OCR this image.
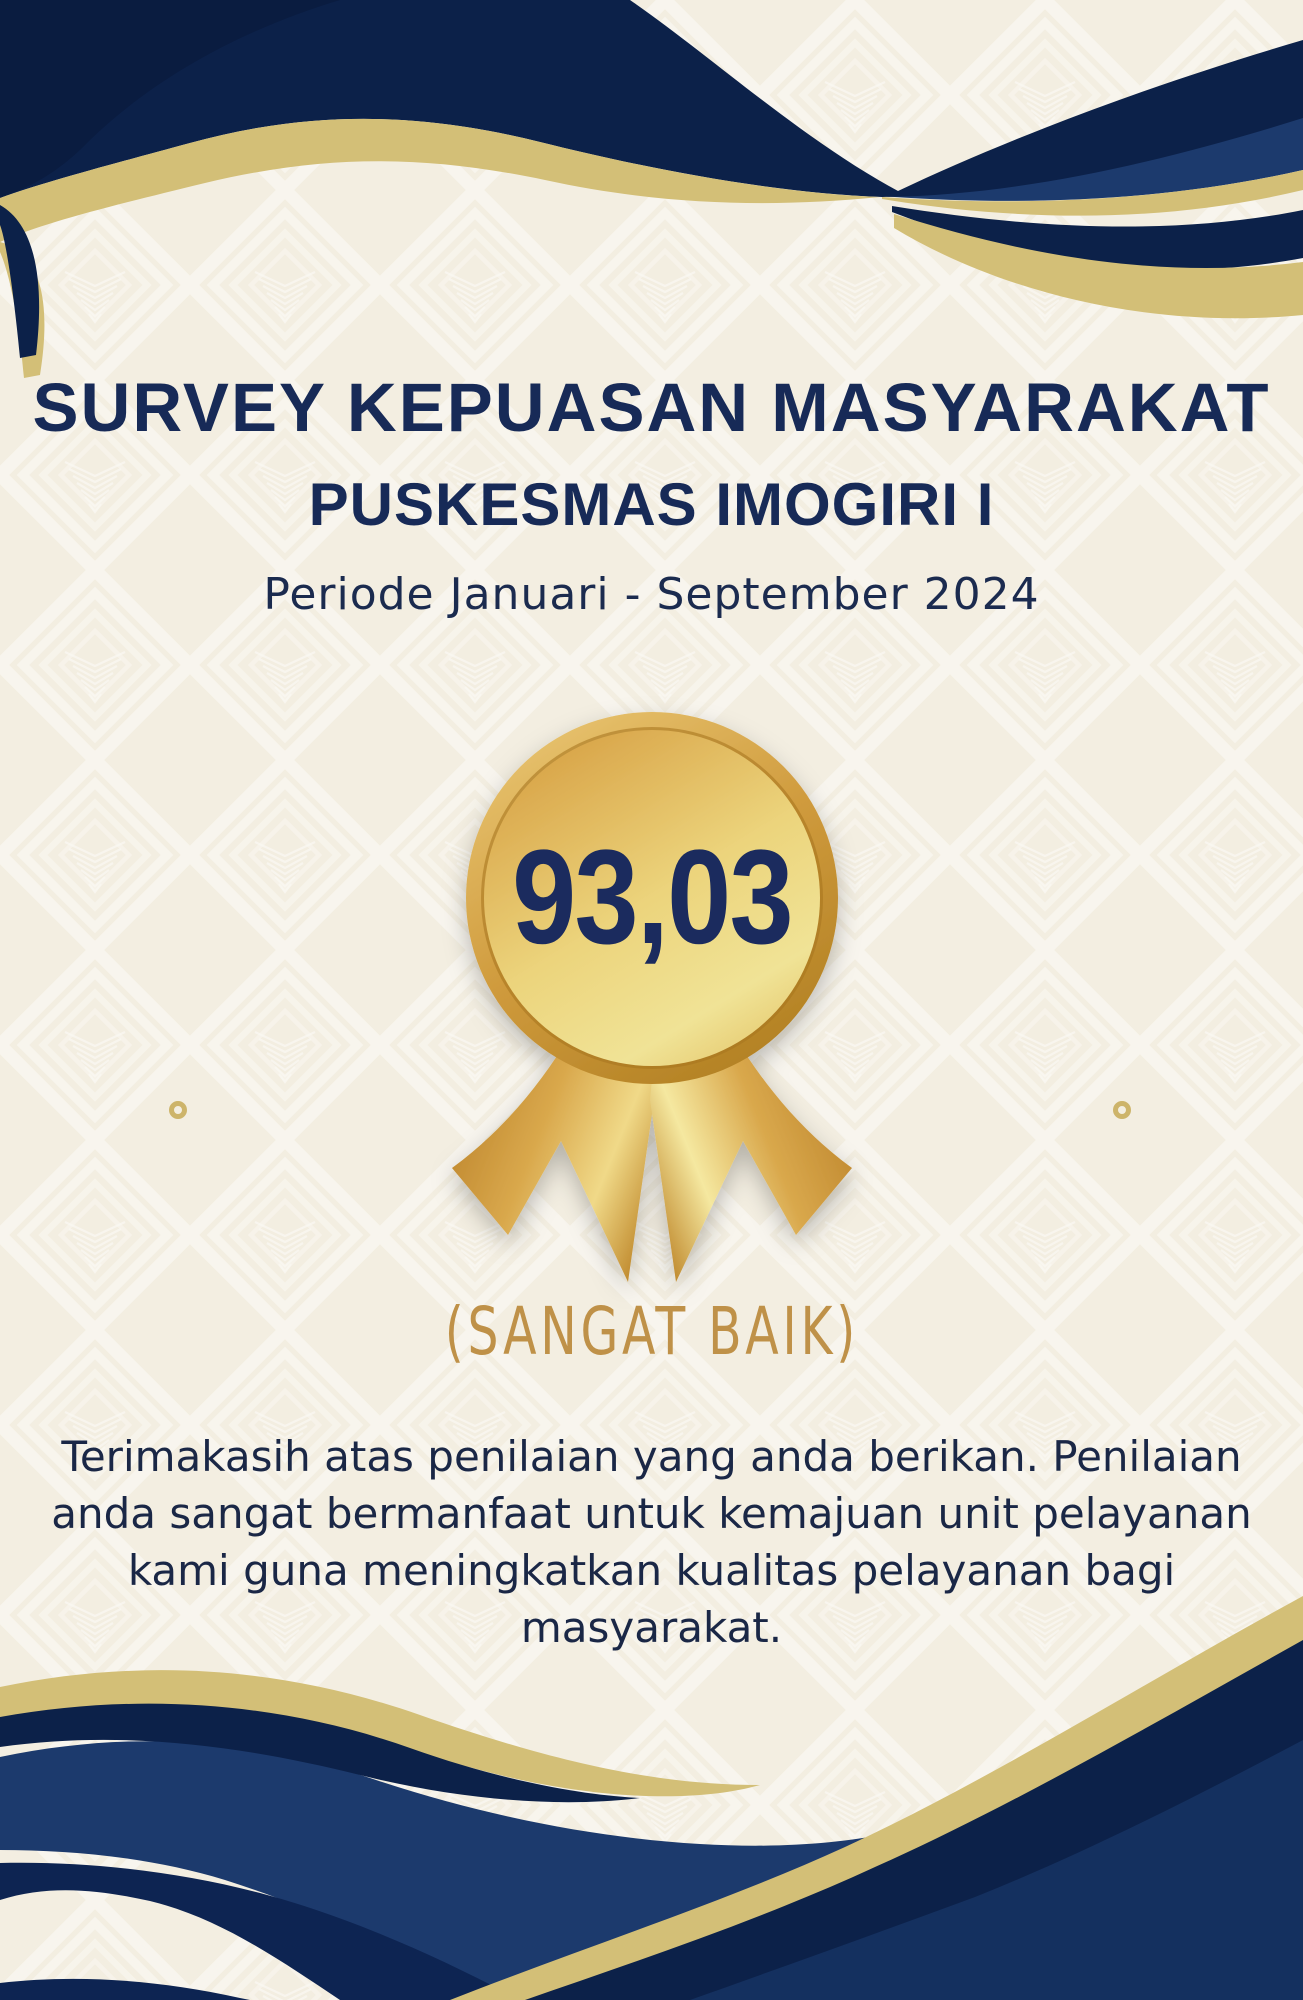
SURVEY KEPUASAN MASYARAKAT
PUSKESMAS IMOGIRI I
Periode Januari - September 2024
93,03
(SANGAT BAIK)

Terimakasih atas penilaian yang anda berikan. Penilaian
anda sangat bermanfaat untuk kemajuan unit pelayanan
kami guna meningkatkan kualitas pelayanan bagi
masyarakat.
